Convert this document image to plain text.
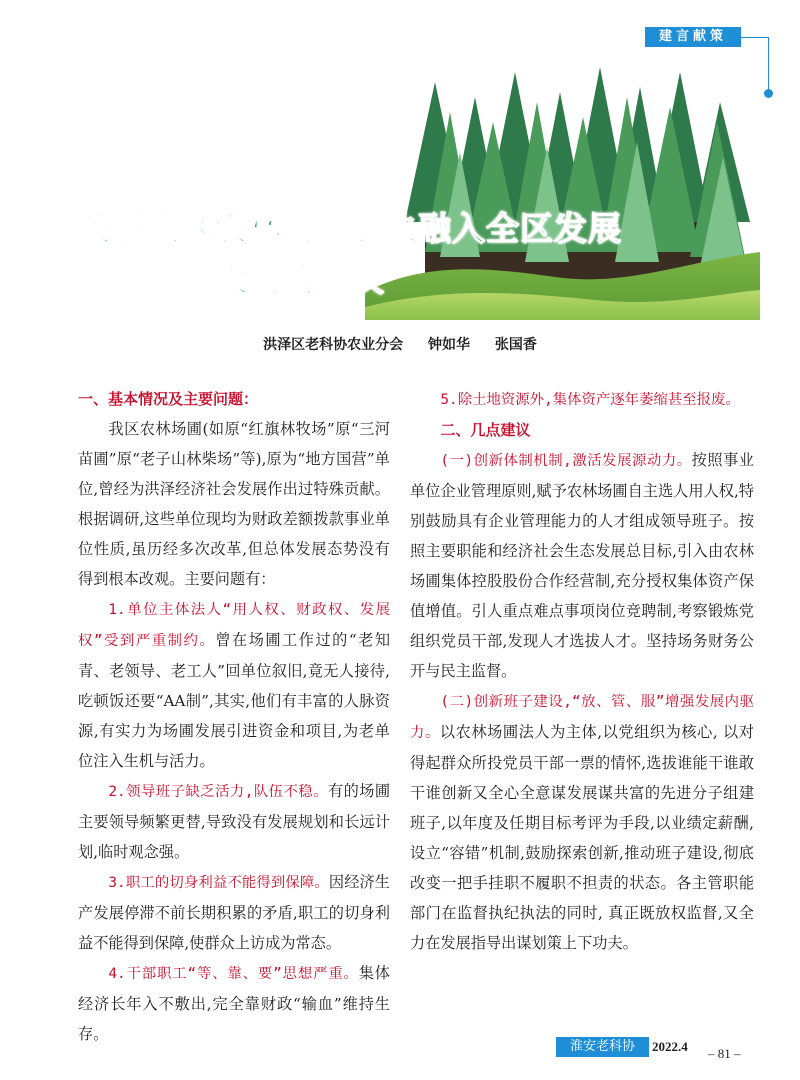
建言献策
关于我区农林场圃加快融入全区发展
大局的建议
洪泽区老科协农业分会 钟如华 张国香

一、基本情况及主要问题：

我区农林场圃(如原“红旗林牧场”原“三河苗圃”原“老子山林柴场”等),原为“地方国营”单位,曾经为洪泽经济社会发展作出过特殊贡献。根据调研,这些单位现均为财政差额拨款事业单位性质,虽历经多次改革,但总体发展态势没有得到根本改观。主要问题有：

1.单位主体法人“用人权、财政权、发展权”受到严重制约。曾在场圃工作过的“老知青、老领导、老工人”回单位叙旧,竟无人接待,吃顿饭还要“AA制”,其实,他们有丰富的人脉资源,有实力为场圃发展引进资金和项目,为老单位注入生机与活力。

2.领导班子缺乏活力,队伍不稳。有的场圃主要领导频繁更替,导致没有发展规划和长远计划,临时观念强。

3.职工的切身利益不能得到保障。因经济生产发展停滞不前长期积累的矛盾,职工的切身利益不能得到保障,使群众上访成为常态。

4.干部职工“等、靠、要”思想严重。集体经济长年入不敷出,完全靠财政“输血”维持生存。

5.除土地资源外,集体资产逐年萎缩甚至报废。

二、几点建议

(一)创新体制机制,激活发展源动力。按照事业单位企业管理原则,赋予农林场圃自主选人用人权,特别鼓励具有企业管理能力的人才组成领导班子。按照主要职能和经济社会生态发展总目标,引入由农林场圃集体控股股份合作经营制,充分授权集体资产保值增值。引人重点难点事项岗位竞聘制,考察锻炼党组织党员干部,发现人才选拔人才。坚持场务财务公开与民主监督。

(二)创新班子建设,“放、管、服”增强发展内驱力。以农林场圃法人为主体,以党组织为核心, 以对得起群众所投党员干部一票的情怀,选拔谁能干谁敢干谁创新又全心全意谋发展谋共富的先进分子组建班子,以年度及任期目标考评为手段,以业绩定薪酬,设立“容错”机制,鼓励探索创新,推动班子建设,彻底改变一把手挂职不履职不担责的状态。各主管职能部门在监督执纪执法的同时, 真正既放权监督,又全力在发展指导出谋划策上下功夫。

淮安老科协	2022.4 – 81 –
